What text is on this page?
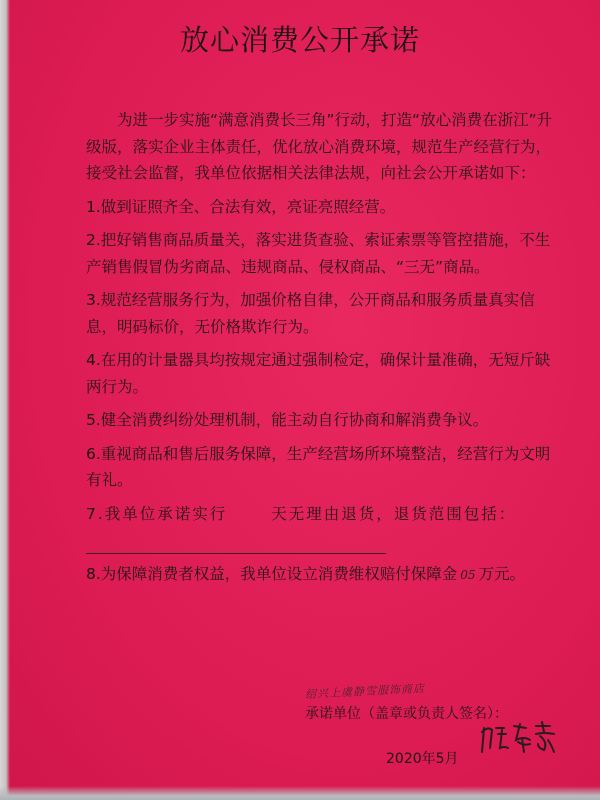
放心消费公开承诺

为进一步实施“满意消费长三角”行动，打造“放心消费在浙江”升级版，落实企业主体责任，优化放心消费环境，规范生产经营行为，接受社会监督，我单位依据相关法律法规，向社会公开承诺如下：

1.做到证照齐全、合法有效，亮证亮照经营。

2.把好销售商品质量关，落实进货查验、索证索票等管控措施，不生产销售假冒伪劣商品、违规商品、侵权商品、“三无”商品。

3.规范经营服务行为，加强价格自律，公开商品和服务质量真实信息，明码标价，无价格欺诈行为。

4.在用的计量器具均按规定通过强制检定，确保计量准确，无短斤缺两行为。

5.健全消费纠纷处理机制，能主动自行协商和解消费争议。

6.重视商品和售后服务保障，生产经营场所环境整洁，经营行为文明有礼。

7.我单位承诺实行	天无理由退货，退货范围包括：

8.为保障消费者权益，我单位设立消费维权赔付保障金 05 万元。

绍兴上虞静雪服饰商店
承诺单位（盖章或负责人签名）：
2020年5月
